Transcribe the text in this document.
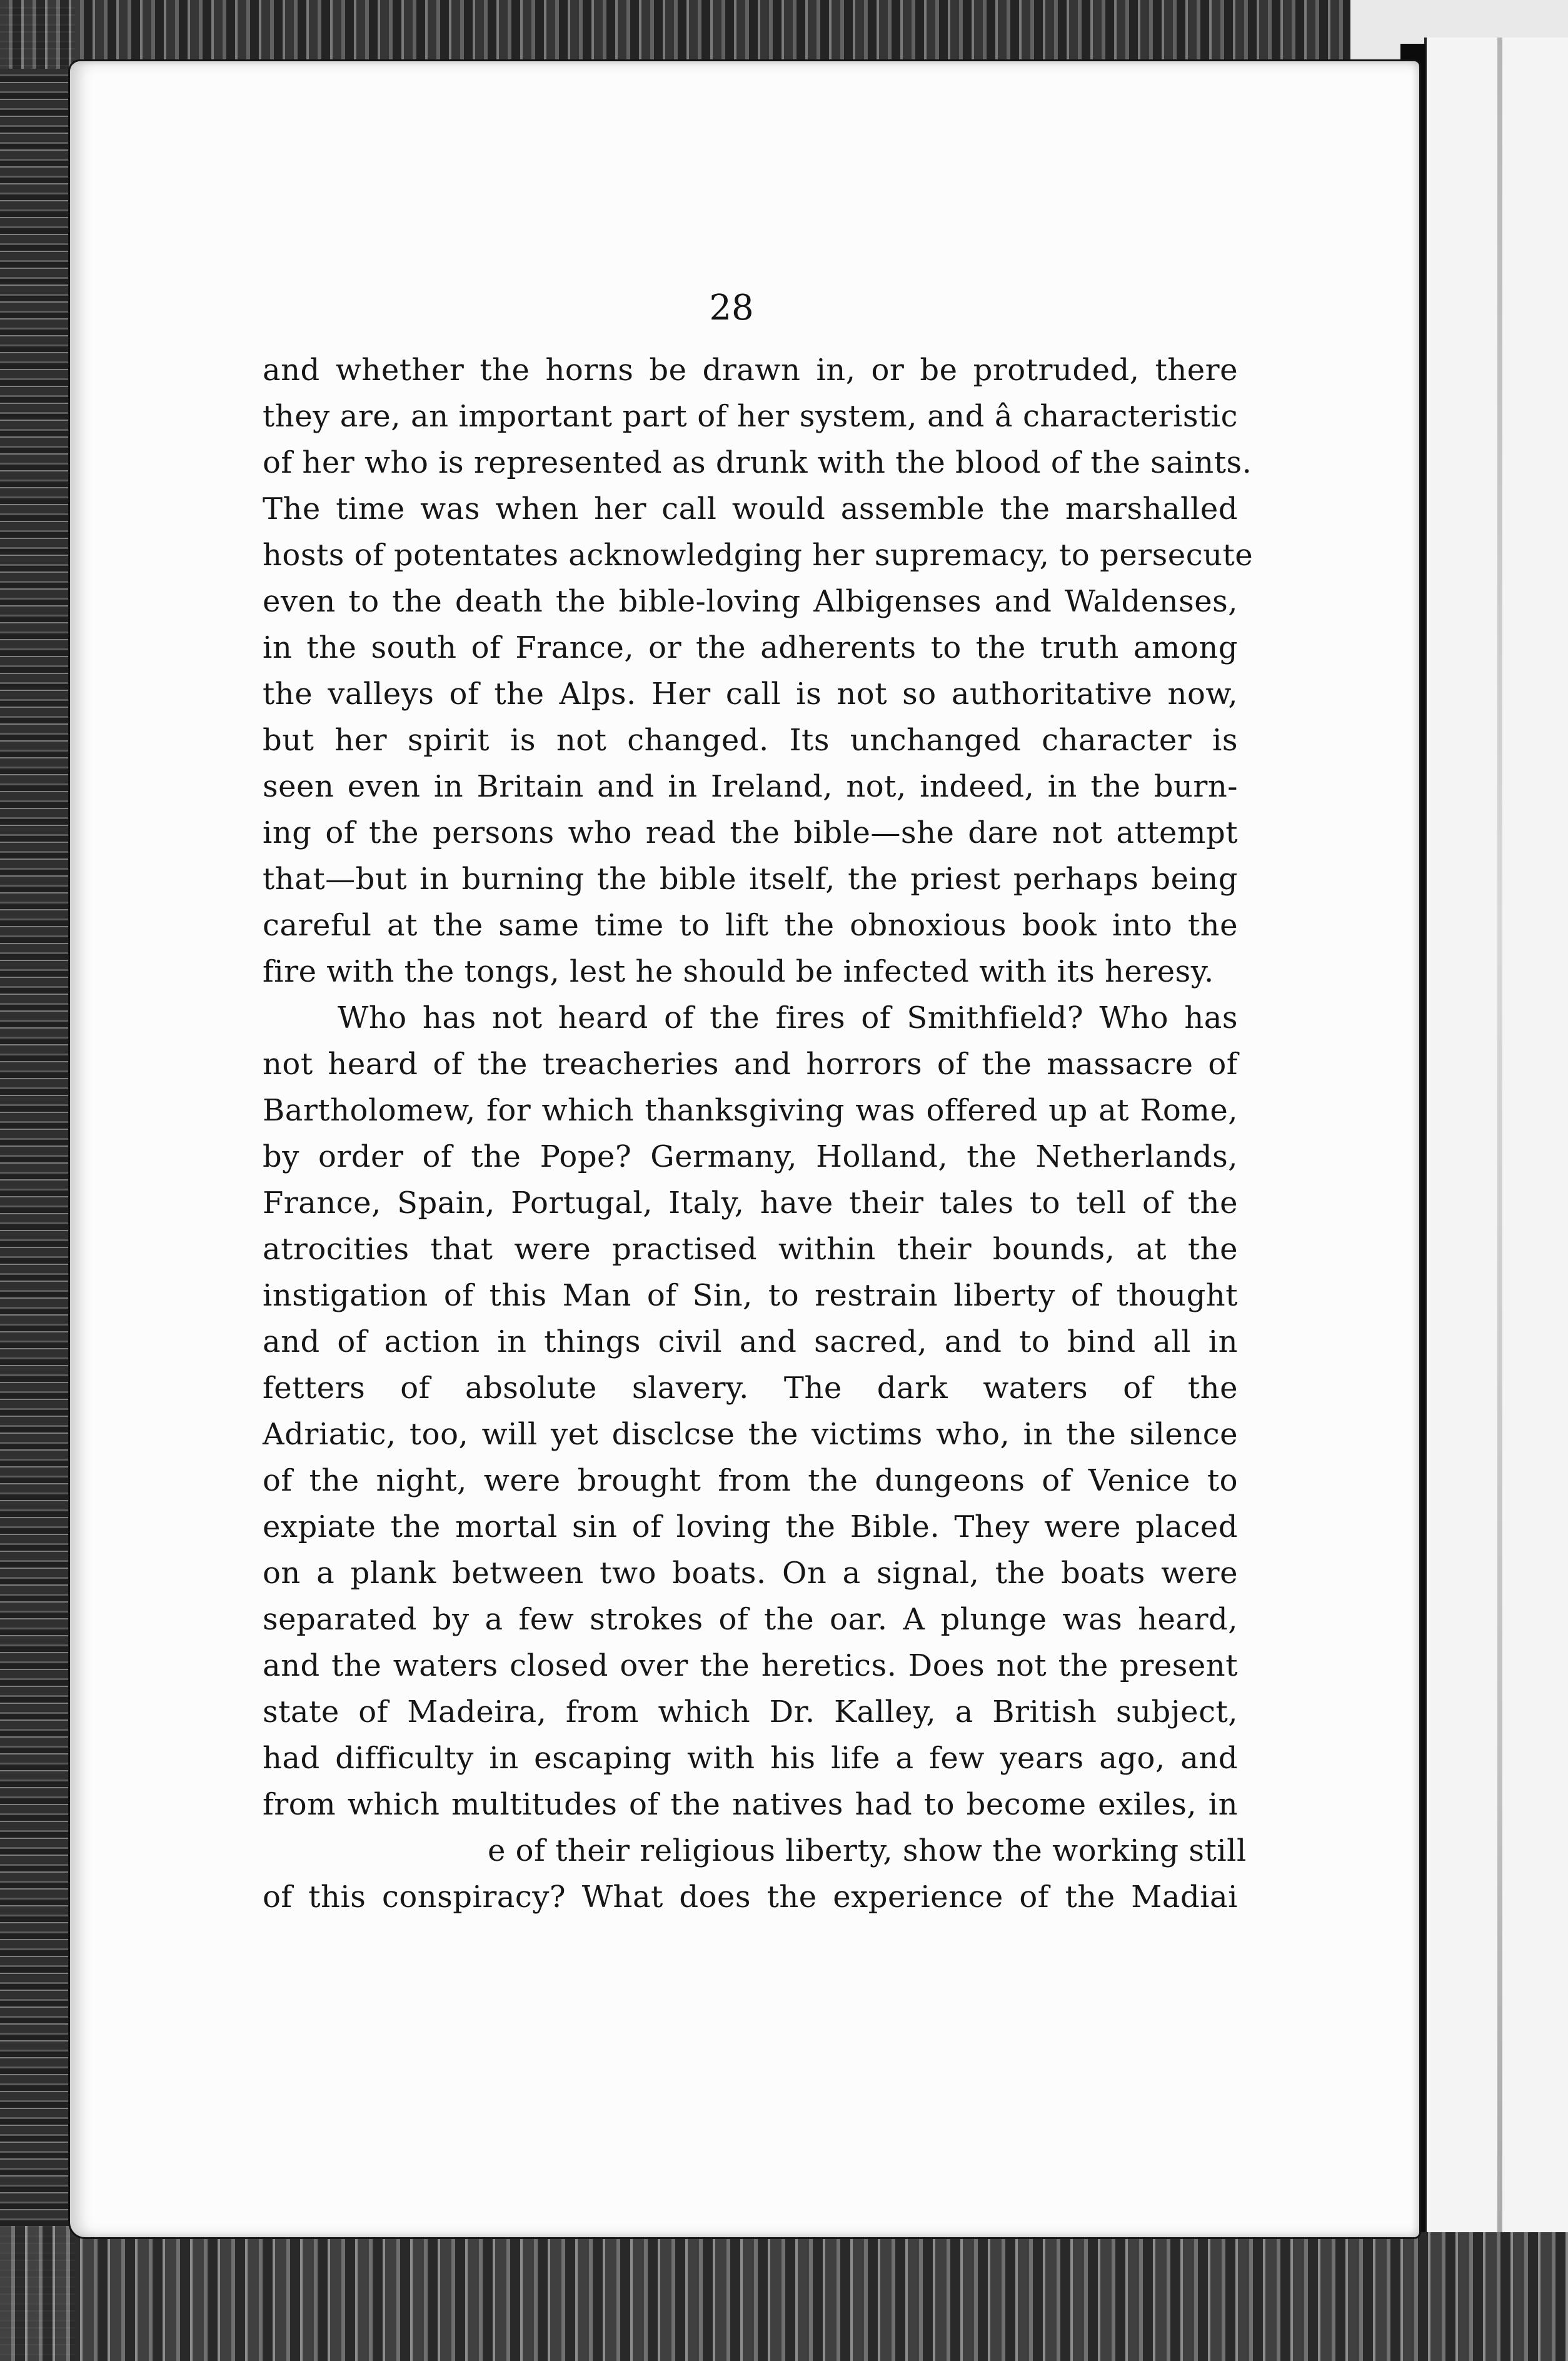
28
and whether the horns be drawn in, or be protruded, there
they are, an important part of her system, and â characteristic
of her who is represented as drunk with the blood of the saints.
The time was when her call would assemble the marshalled
hosts of potentates acknowledging her supremacy, to persecute
even to the death the bible-loving Albigenses and Waldenses,
in the south of France, or the adherents to the truth among
the valleys of the Alps. Her call is not so authoritative now,
but her spirit is not changed. Its unchanged character is
seen even in Britain and in Ireland, not, indeed, in the burn-
ing of the persons who read the bible—she dare not attempt
that—but in burning the bible itself, the priest perhaps being
careful at the same time to lift the obnoxious book into the
fire with the tongs, lest he should be infected with its heresy.
Who has not heard of the fires of Smithfield? Who has
not heard of the treacheries and horrors of the massacre of
Bartholomew, for which thanksgiving was offered up at Rome,
by order of the Pope? Germany, Holland, the Netherlands,
France, Spain, Portugal, Italy, have their tales to tell of the
atrocities that were practised within their bounds, at the
instigation of this Man of Sin, to restrain liberty of thought
and of action in things civil and sacred, and to bind all in
fetters of absolute slavery. The dark waters of the
Adriatic, too, will yet disclcse the victims who, in the silence
of the night, were brought from the dungeons of Venice to
expiate the mortal sin of loving the Bible. They were placed
on a plank between two boats. On a signal, the boats were
separated by a few strokes of the oar. A plunge was heard,
and the waters closed over the heretics. Does not the present
state of Madeira, from which Dr. Kalley, a British subject,
had difficulty in escaping with his life a few years ago, and
from which multitudes of the natives had to become exiles, in
e of their religious liberty, show the working still
of this conspiracy? What does the experience of the Madiai
